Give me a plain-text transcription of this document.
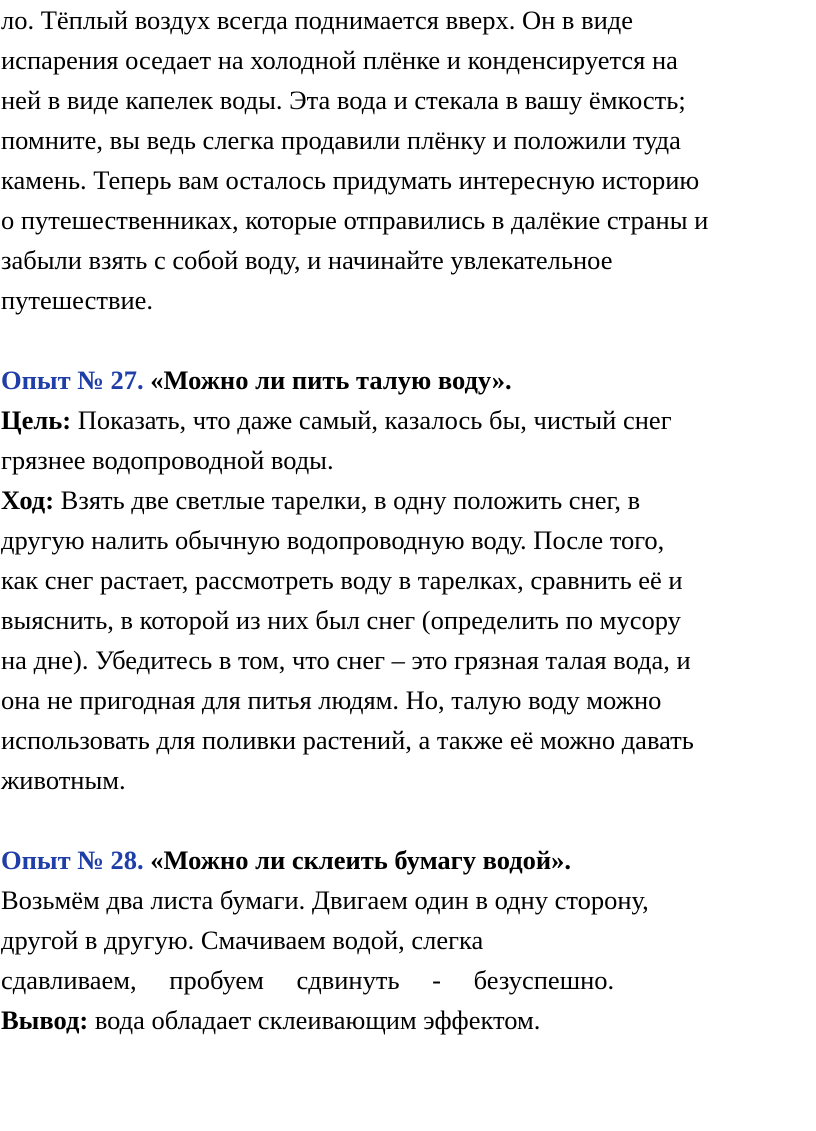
ло. Тёплый воздух всегда поднимается вверх. Он в виде
испарения оседает на холодной плёнке и конденсируется на
ней в виде капелек воды. Эта вода и стекала в вашу ёмкость;
помните, вы ведь слегка продавили плёнку и положили туда
камень. Теперь вам осталось придумать интересную историю
о путешественниках, которые отправились в далёкие страны и
забыли взять с собой воду, и начинайте увлекательное
путешествие.
Опыт № 27. «Можно ли пить талую воду».
Цель: Показать, что даже самый, казалось бы, чистый снег
грязнее водопроводной воды.
Ход: Взять две светлые тарелки, в одну положить снег, в
другую налить обычную водопроводную воду. После того,
как снег растает, рассмотреть воду в тарелках, сравнить её и
выяснить, в которой из них был снег (определить по мусору
на дне). Убедитесь в том, что снег – это грязная талая вода, и
она не пригодная для питья людям. Но, талую воду можно
использовать для поливки растений, а также её можно давать
животным.
Опыт № 28. «Можно ли склеить бумагу водой».
Возьмём два листа бумаги. Двигаем один в одну сторону,
другой в другую. Смачиваем водой, слегка
сдавливаем, пробуем сдвинуть - безуспешно.
Вывод: вода обладает склеивающим эффектом.
